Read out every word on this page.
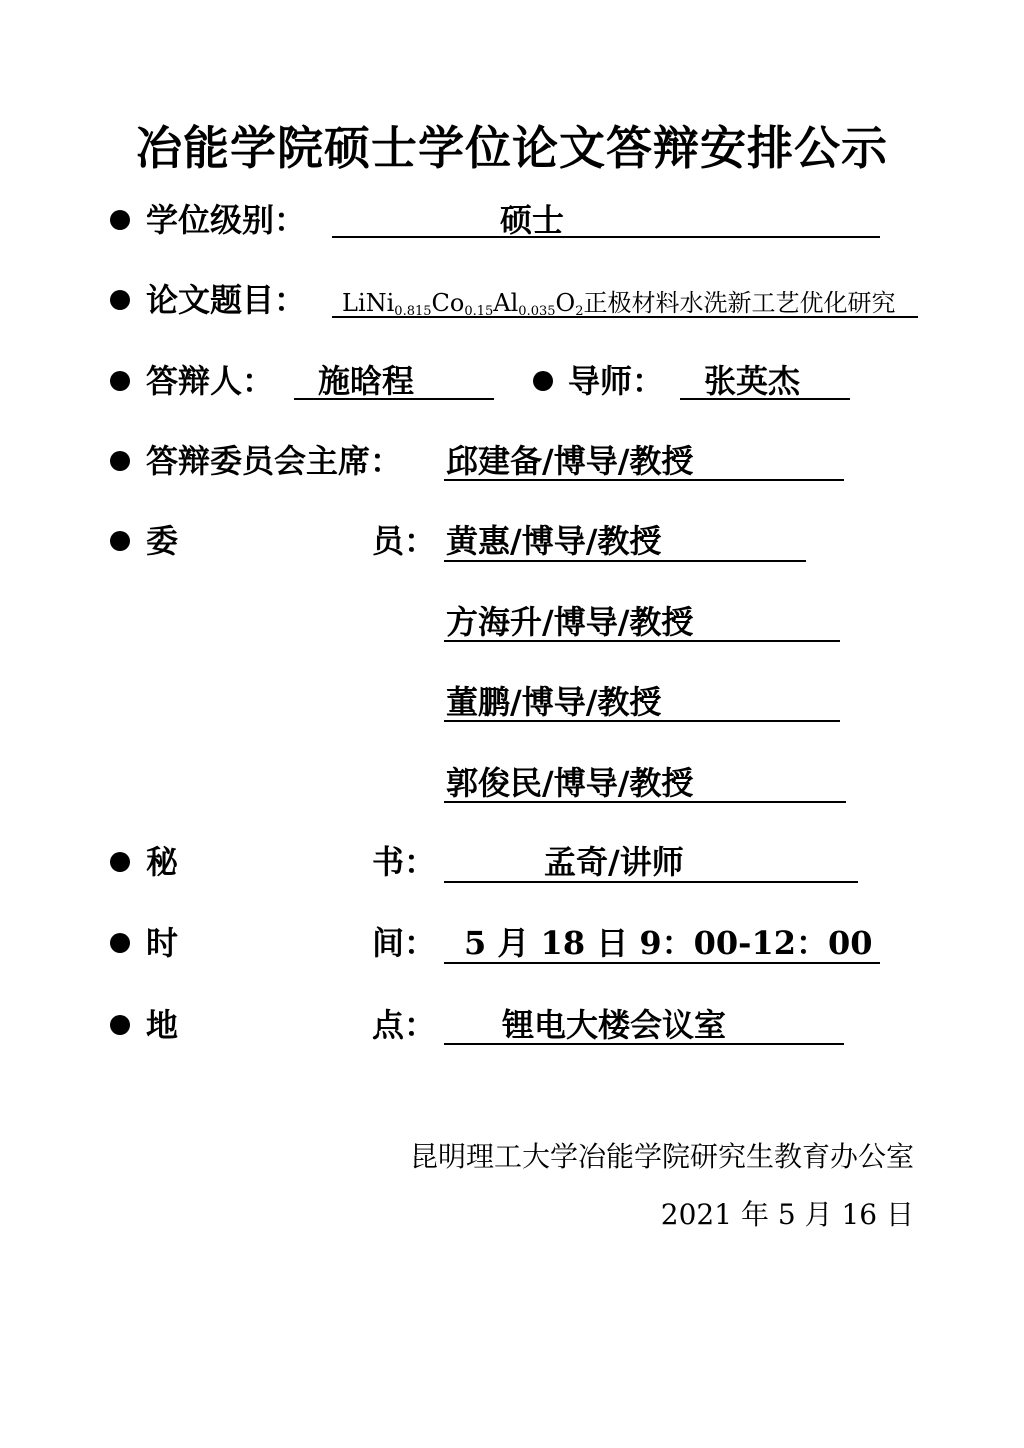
冶能学院硕士学位论文答辩安排公示
学位级别：	硕士
论文题目： $LiNi_{0.815}Co_{0.15}Al_{0.035}O_2$正极材料水洗新工艺优化研究
答辩人： 施晗程	导师： 张英杰
答辩委员会主席： 邱建备/博导/教授
委	员： 黄惠/博导/教授
方海升/博导/教授
董鹏/博导/教授
郭俊民/博导/教授
秘	书：	孟奇/讲师
时	间： 5 月 18 日 9：00-12：00
地	点： 锂电大楼会议室
昆明理工大学冶能学院研究生教育办公室
2021 年 5 月 16 日
